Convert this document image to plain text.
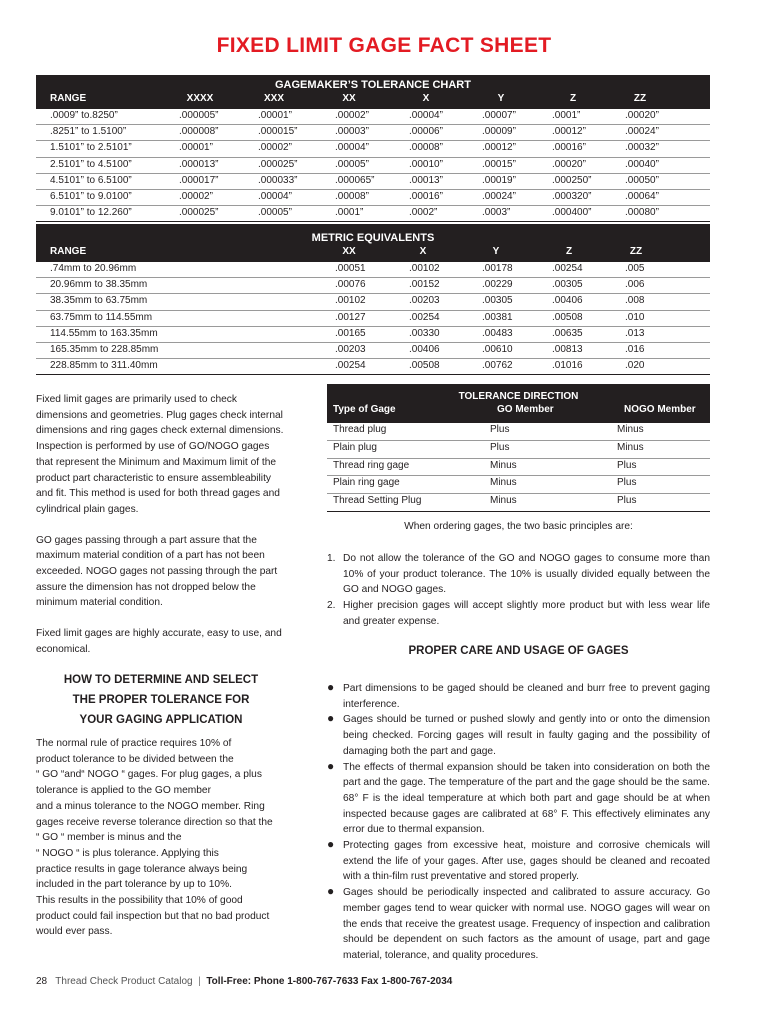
FIXED LIMIT GAGE FACT SHEET
GAGEMAKER’S TOLERANCE CHART
RANGE	XXXX	XXX	XX	X	Y	Z	ZZ
.0009” to.8250”	.000005”	.00001”	.00002”	.00004”	.00007”	.0001”	.00020”

.8251” to 1.5100”	.000008”	.000015”	.00003”	.00006”	.00009”	.00012”	.00024”

1.5101” to 2.5101”	.00001”	.00002”	.00004”	.00008”	.00012”	.00016”	.00032”

2.5101” to 4.5100”	.000013”	.000025”	.00005”	.00010”	.00015”	.00020”	.00040”

4.5101” to 6.5100”	.000017”	.000033”	.000065”	.00013”	.00019”	.000250”	.00050”

6.5101” to 9.0100”	.00002”	.00004”	.00008”	.00016”	.00024”	.000320”	.00064”

9.0101” to 12.260”	.000025”	.00005”	.0001”	.0002”	.0003”	.000400”	.00080”
METRIC EQUIVALENTS
RANGE	XX	X	Y	Z	ZZ
.74mm to 20.96mm	.00051	.00102	.00178	.00254	.005

20.96mm to 38.35mm	.00076	.00152	.00229	.00305	.006

38.35mm to 63.75mm	.00102	.00203	.00305	.00406	.008

63.75mm to 114.55mm	.00127	.00254	.00381	.00508	.010

114.55mm to 163.35mm	.00165	.00330	.00483	.00635	.013

165.35mm to 228.85mm	.00203	.00406	.00610	.00813	.016

228.85mm to 311.40mm	.00254	.00508	.00762	.01016	.020
TOLERANCE DIRECTION
Type of Gage	GO Member	NOGO Member
Thread plug	Plus	Minus

Plain plug	Plus	Minus

Thread ring gage	Minus	Plus

Plain ring gage	Minus	Plus

Thread Setting Plug	Minus	Plus

Fixed limit gages are primarily used to check dimensions and geometries. Plug gages check internal dimensions and ring gages check external dimensions. Inspection is performed by use of GO/NOGO gages that represent the Minimum and Maximum limit of the product part characteristic to ensure assembleability and fit. This method is used for both thread gages and cylindrical plain gages.

GO gages passing through a part assure that the maximum material condition of a part has not been exceeded. NOGO gages not passing through the part assure the dimension has not dropped below the minimum material condition.

Fixed limit gages are highly accurate, easy to use, and economical.

HOW TO DETERMINE AND SELECT
THE PROPER TOLERANCE FOR
YOUR GAGING APPLICATION
The normal rule of practice requires 10% of
product tolerance to be divided between the
“ GO “and“ NOGO “ gages. For plug gages, a plus
tolerance is applied to the GO member
and a minus tolerance to the NOGO member. Ring
gages receive reverse tolerance direction so that the
“ GO “ member is minus and the
“ NOGO “ is plus tolerance. Applying this
practice results in gage tolerance always being
included in the part tolerance by up to 10%.
This results in the possibility that 10% of good
product could fail inspection but that no bad product
would ever pass.
When ordering gages, the two basic principles are:
1. Do not allow the tolerance of the GO and NOGO gages to consume more than 10% of your product tolerance. The 10% is usually divided equally between the GO and NOGO gages.
2. Higher precision gages will accept slightly more product but with less wear life and greater expense.
PROPER CARE AND USAGE OF GAGES
● Part dimensions to be gaged should be cleaned and burr free to prevent gaging interference.
● Gages should be turned or pushed slowly and gently into or onto the dimension being checked. Forcing gages will result in faulty gaging and the possibility of damaging both the part and gage.
● The effects of thermal expansion should be taken into consideration on both the part and the gage. The temperature of the part and the gage should be the same. 68° F is the ideal temperature at which both part and gage should be at when inspected because gages are calibrated at 68° F. This effectively eliminates any error due to thermal expansion.
● Protecting gages from excessive heat, moisture and corrosive chemicals will extend the life of your gages. After use, gages should be cleaned and recoated with a thin-film rust preventative and stored properly.
● Gages should be periodically inspected and calibrated to assure accuracy. Go member gages tend to wear quicker with normal use. NOGO gages will wear on the ends that receive the greatest usage. Frequency of inspection and calibration should be dependent on such factors as the amount of usage, part and gage material, tolerance, and quality procedures.
28 Thread Check Product Catalog | Toll-Free: Phone 1-800-767-7633 Fax 1-800-767-2034
